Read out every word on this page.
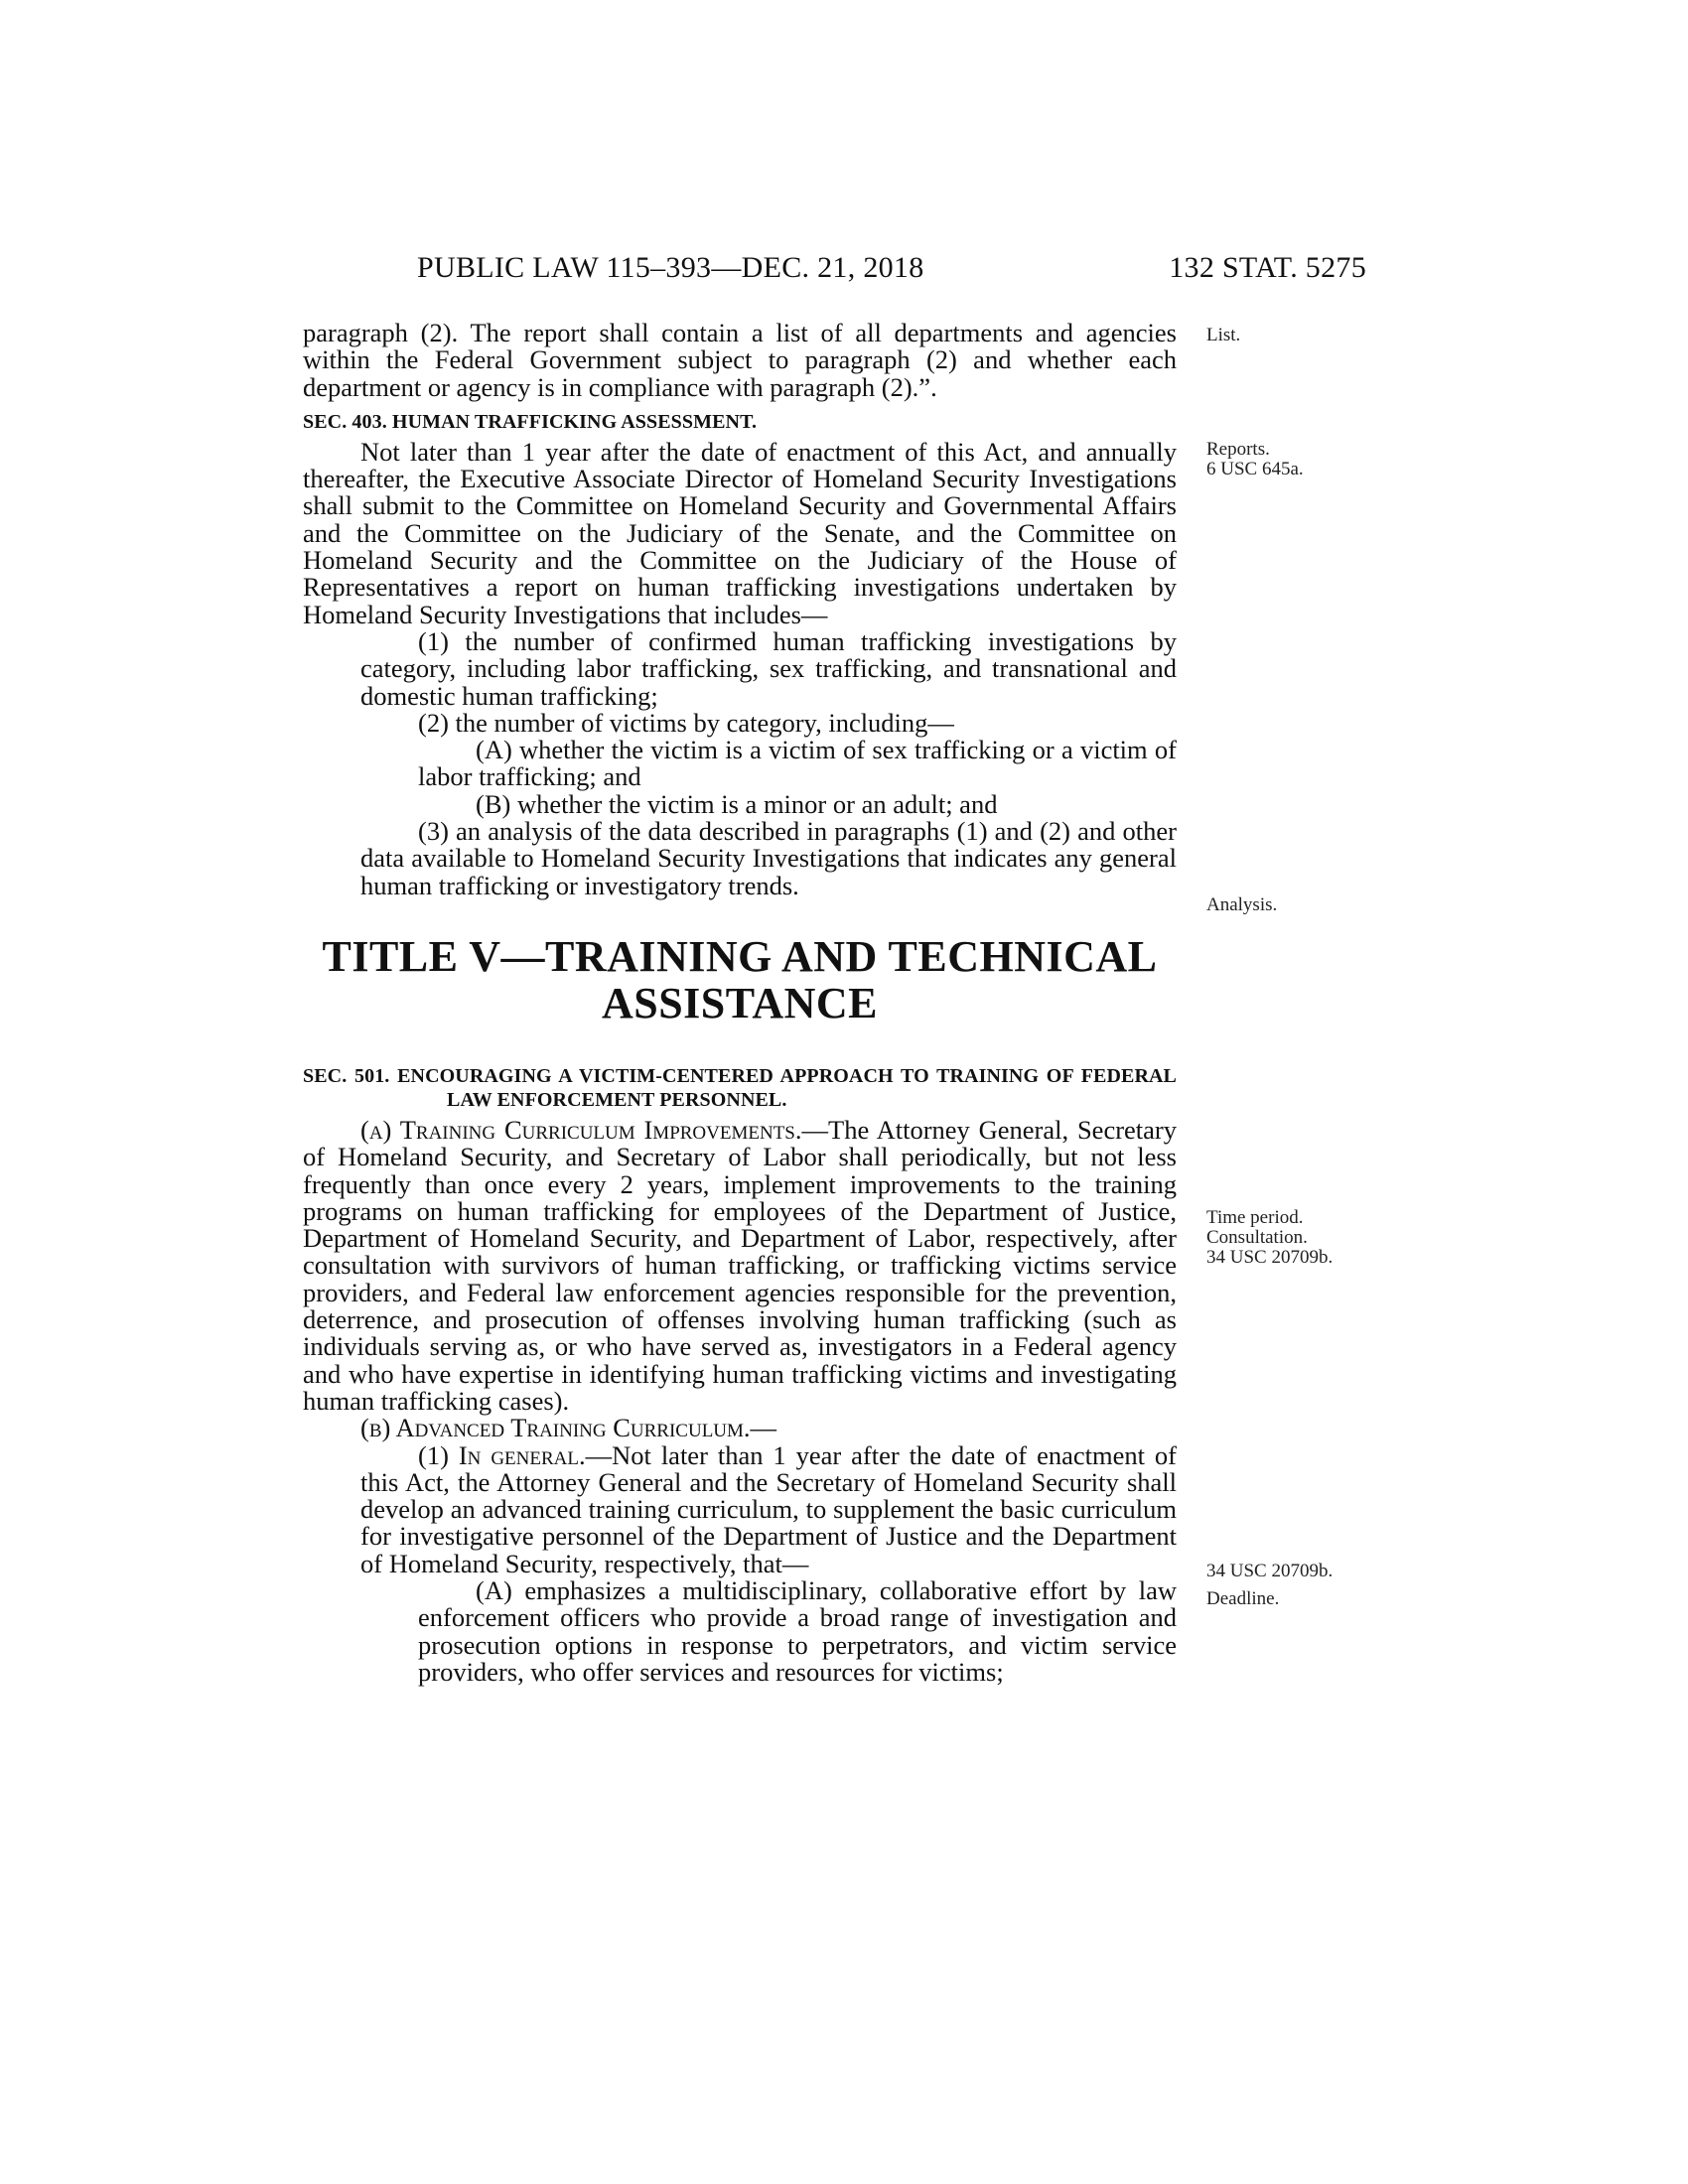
PUBLIC LAW 115–393—DEC. 21, 2018	132 STAT. 5275

paragraph (2). The report shall contain a list of all departments and agencies within the Federal Government subject to paragraph (2) and whether each department or agency is in compliance with paragraph (2).”.

SEC. 403. HUMAN TRAFFICKING ASSESSMENT.

Not later than 1 year after the date of enactment of this Act, and annually thereafter, the Executive Associate Director of Homeland Security Investigations shall submit to the Committee on Homeland Security and Governmental Affairs and the Committee on the Judiciary of the Senate, and the Committee on Homeland Security and the Committee on the Judiciary of the House of Representatives a report on human trafficking investigations undertaken by Homeland Security Investigations that includes—

(1) the number of confirmed human trafficking investigations by category, including labor trafficking, sex trafficking, and transnational and domestic human trafficking;

(2) the number of victims by category, including—

(A) whether the victim is a victim of sex trafficking or a victim of labor trafficking; and

(B) whether the victim is a minor or an adult; and

(3) an analysis of the data described in paragraphs (1) and (2) and other data available to Homeland Security Investigations that indicates any general human trafficking or investigatory trends.

TITLE V—TRAINING AND TECHNICAL
ASSISTANCE

SEC. 501. ENCOURAGING A VICTIM-CENTERED APPROACH TO TRAINING OF FEDERAL LAW ENFORCEMENT PERSONNEL.

(a) Training Curriculum Improvements.—The Attorney General, Secretary of Homeland Security, and Secretary of Labor shall periodically, but not less frequently than once every 2 years, implement improvements to the training programs on human trafficking for employees of the Department of Justice, Department of Homeland Security, and Department of Labor, respectively, after consultation with survivors of human trafficking, or trafficking victims service providers, and Federal law enforcement agencies responsible for the prevention, deterrence, and prosecution of offenses involving human trafficking (such as individuals serving as, or who have served as, investigators in a Federal agency and who have expertise in identifying human trafficking victims and investigating human trafficking cases).

(b) Advanced Training Curriculum.—

(1) In general.—Not later than 1 year after the date of enactment of this Act, the Attorney General and the Secretary of Homeland Security shall develop an advanced training curriculum, to supplement the basic curriculum for investigative personnel of the Department of Justice and the Department of Homeland Security, respectively, that—

(A) emphasizes a multidisciplinary, collaborative effort by law enforcement officers who provide a broad range of investigation and prosecution options in response to perpetrators, and victim service providers, who offer services and resources for victims;

List.
Reports.
6 USC 645a.
Analysis.
Time period.
Consultation.
34 USC 20709b.
34 USC 20709b.
Deadline.
